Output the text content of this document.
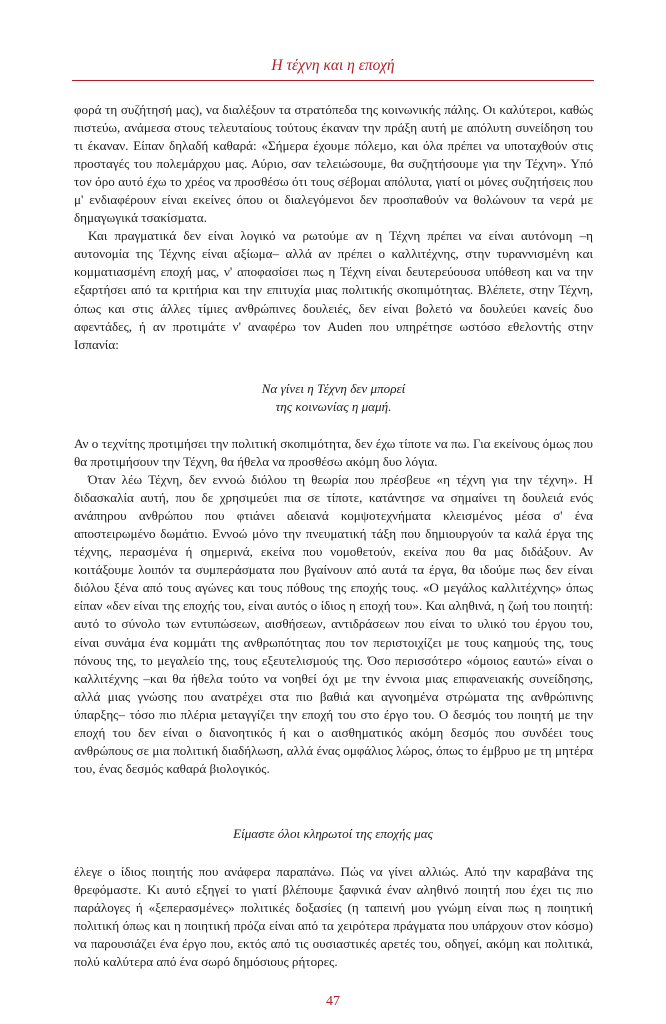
Η τέχνη και η εποχή

φορά τη συζήτησή μας), να διαλέξουν τα στρατόπεδα της κοινωνικής πάλης. Οι καλύτεροι, καθώς πιστεύω, ανάμεσα στους τελευταίους τούτους έκαναν την πράξη αυτή με απόλυτη συνείδηση του τι έκαναν. Είπαν δηλαδή καθαρά: «Σήμερα έχουμε πόλεμο, και όλα πρέπει να υποταχθούν στις προσταγές του πολεμάρχου μας. Αύριο, σαν τελειώσουμε, θα συζητήσουμε για την Τέχνη». Υπό τον όρο αυτό έχω το χρέος να προσθέσω ότι τους σέβομαι απόλυτα, γιατί οι μόνες συζητήσεις που μ' ενδιαφέρουν είναι εκείνες όπου οι διαλεγόμενοι δεν προσπαθούν να θολώνουν τα νερά με δημαγωγικά τσακίσματα.

Και πραγματικά δεν είναι λογικό να ρωτούμε αν η Τέχνη πρέπει να είναι αυτόνομη –η αυτονομία της Τέχνης είναι αξίωμα– αλλά αν πρέπει ο καλλιτέχνης, στην τυραννισμένη και κομματιασμένη εποχή μας, ν' αποφασίσει πως η Τέχνη είναι δευτερεύουσα υπόθεση και να την εξαρτήσει από τα κριτήρια και την επιτυχία μιας πολιτικής σκοπιμότητας. Βλέπετε, στην Τέχνη, όπως και στις άλλες τίμιες ανθρώπινες δουλειές, δεν είναι βολετό να δουλεύει κανείς δυο αφεντάδες, ή αν προτιμάτε ν' αναφέρω τον Auden που υπηρέτησε ωστόσο εθελοντής στην Ισπανία:

Να γίνει η Τέχνη δεν μπορεί
της κοινωνίας η μαμή.

Αν ο τεχνίτης προτιμήσει την πολιτική σκοπιμότητα, δεν έχω τίποτε να πω. Για εκείνους όμως που θα προτιμήσουν την Τέχνη, θα ήθελα να προσθέσω ακόμη δυο λόγια.

Όταν λέω Τέχνη, δεν εννοώ διόλου τη θεωρία που πρέσβευε «η τέχνη για την τέχνη». Η διδασκαλία αυτή, που δε χρησιμεύει πια σε τίποτε, κατάντησε να σημαίνει τη δουλειά ενός ανάπηρου ανθρώπου που φτιάνει αδειανά κομψοτεχνήματα κλεισμένος μέσα σ' ένα αποστειρωμένο δωμάτιο. Εννοώ μόνο την πνευματική τάξη που δημιουργούν τα καλά έργα της τέχνης, περασμένα ή σημερινά, εκείνα που νομοθετούν, εκείνα που θα μας διδάξουν. Αν κοιτάξουμε λοιπόν τα συμπεράσματα που βγαίνουν από αυτά τα έργα, θα ιδούμε πως δεν είναι διόλου ξένα από τους αγώνες και τους πόθους της εποχής τους. «Ο μεγάλος καλλιτέχνης» όπως είπαν «δεν είναι της εποχής του, είναι αυτός ο ίδιος η εποχή του». Και αληθινά, η ζωή του ποιητή: αυτό το σύνολο των εντυπώσεων, αισθήσεων, αντιδράσεων που είναι το υλικό του έργου του, είναι συνάμα ένα κομμάτι της ανθρωπότητας που τον περιστοιχίζει με τους καημούς της, τους πόνους της, το μεγαλείο της, τους εξευτελισμούς της. Όσο περισσότερο «όμοιος εαυτώ» είναι ο καλλιτέχνης –και θα ήθελα τούτο να νοηθεί όχι με την έννοια μιας επιφανειακής συνείδησης, αλλά μιας γνώσης που ανατρέχει στα πιο βαθιά και αγνοημένα στρώματα της ανθρώπινης ύπαρξης– τόσο πιο πλέρια μεταγγίζει την εποχή του στο έργο του. Ο δεσμός του ποιητή με την εποχή του δεν είναι ο διανοητικός ή και ο αισθηματικός ακόμη δεσμός που συνδέει τους ανθρώπους σε μια πολιτική διαδήλωση, αλλά ένας ομφάλιος λώρος, όπως το έμβρυο με τη μητέρα του, ένας δεσμός καθαρά βιολογικός.

Είμαστε όλοι κληρωτοί της εποχής μας

έλεγε ο ίδιος ποιητής που ανάφερα παραπάνω. Πώς να γίνει αλλιώς. Από την καραβάνα της θρεφόμαστε. Κι αυτό εξηγεί το γιατί βλέπουμε ξαφνικά έναν αληθινό ποιητή που έχει τις πιο παράλογες ή «ξεπερασμένες» πολιτικές δοξασίες (η ταπεινή μου γνώμη είναι πως η ποιητική πολιτική όπως και η ποιητική πρόζα είναι από τα χειρότερα πράγματα που υπάρχουν στον κόσμο) να παρουσιάζει ένα έργο που, εκτός από τις ουσιαστικές αρετές του, οδηγεί, ακόμη και πολιτικά, πολύ καλύτερα από ένα σωρό δημόσιους ρήτορες.

47
